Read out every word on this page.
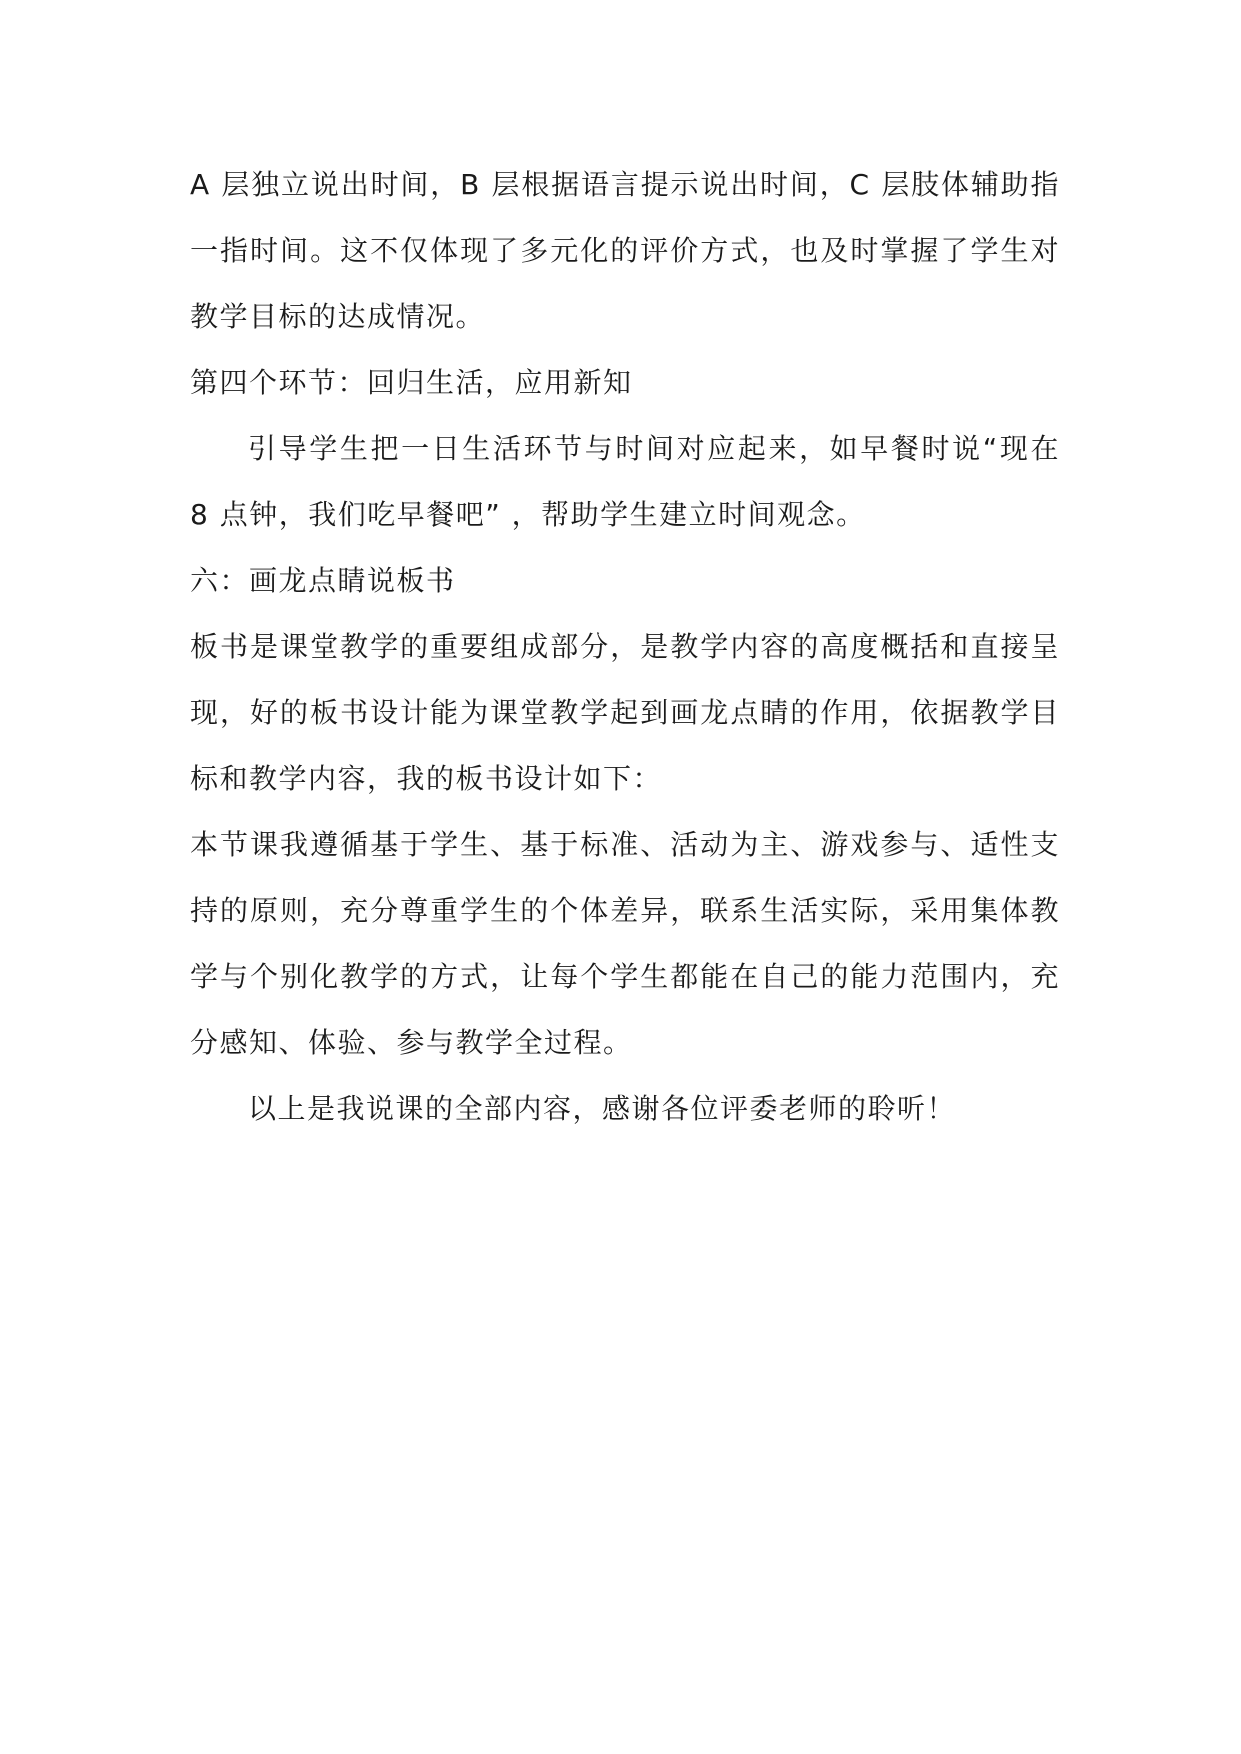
A 层独立说出时间，B 层根据语言提示说出时间，C 层肢体辅助指一指时间。这不仅体现了多元化的评价方式，也及时掌握了学生对教学目标的达成情况。

第四个环节：回归生活，应用新知

引导学生把一日生活环节与时间对应起来，如早餐时说“现在 8 点钟，我们吃早餐吧” ，帮助学生建立时间观念。

六：画龙点睛说板书

板书是课堂教学的重要组成部分，是教学内容的高度概括和直接呈现，好的板书设计能为课堂教学起到画龙点睛的作用，依据教学目标和教学内容，我的板书设计如下：

本节课我遵循基于学生、基于标准、活动为主、游戏参与、适性支持的原则，充分尊重学生的个体差异，联系生活实际，采用集体教学与个别化教学的方式，让每个学生都能在自己的能力范围内，充分感知、体验、参与教学全过程。

以上是我说课的全部内容，感谢各位评委老师的聆听！
